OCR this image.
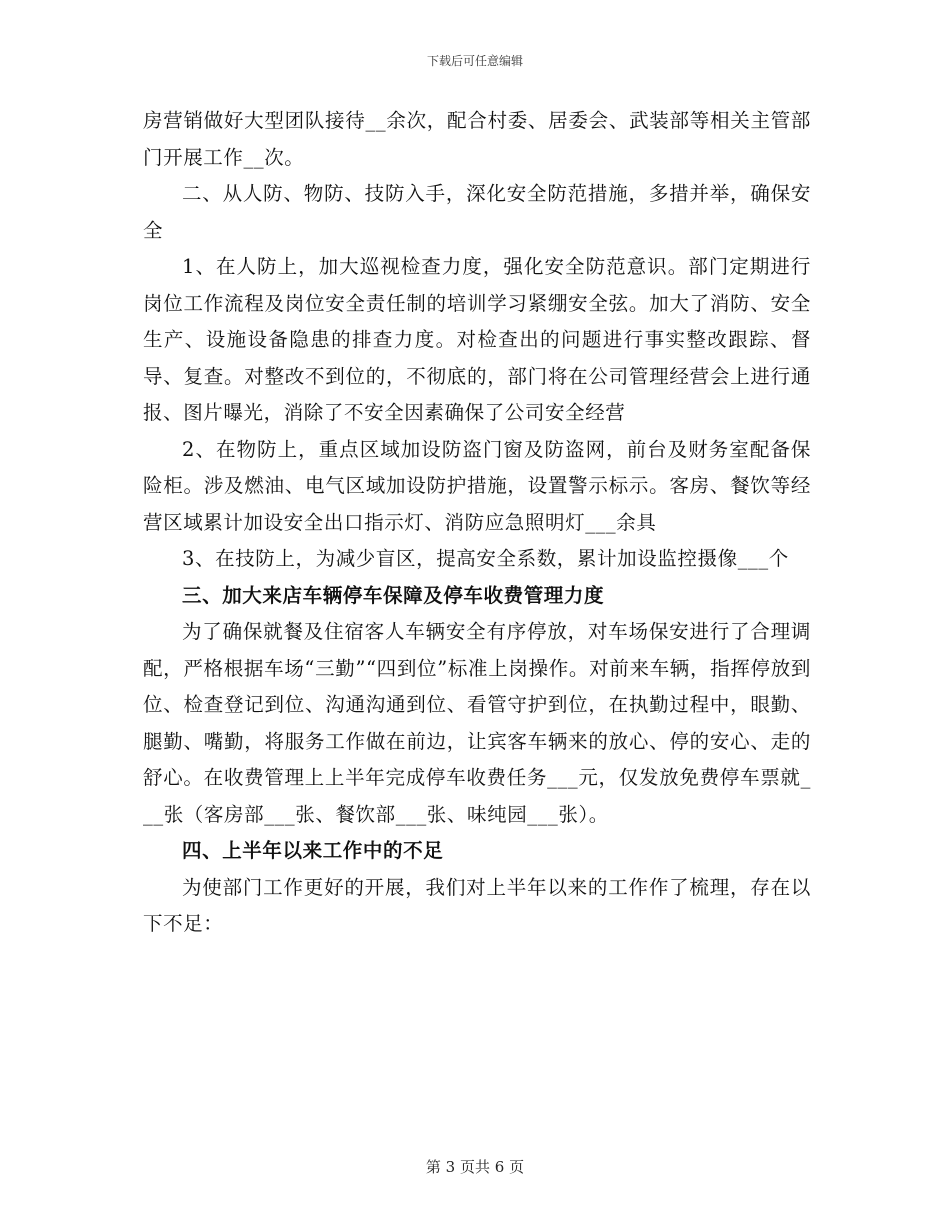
下载后可任意编辑

房营销做好大型团队接待__余次，配合村委、居委会、武装部等相关主管部门开展工作__次。

二、从人防、物防、技防入手，深化安全防范措施，多措并举，确保安全

1、在人防上，加大巡视检查力度，强化安全防范意识。部门定期进行岗位工作流程及岗位安全责任制的培训学习紧绷安全弦。加大了消防、安全生产、设施设备隐患的排查力度。对检查出的问题进行事实整改跟踪、督导、复查。对整改不到位的，不彻底的，部门将在公司管理经营会上进行通报、图片曝光，消除了不安全因素确保了公司安全经营

2、在物防上，重点区域加设防盗门窗及防盗网，前台及财务室配备保险柜。涉及燃油、电气区域加设防护措施，设置警示标示。客房、餐饮等经营区域累计加设安全出口指示灯、消防应急照明灯___余具

3、在技防上，为减少盲区，提高安全系数，累计加设监控摄像___个

三、加大来店车辆停车保障及停车收费管理力度

为了确保就餐及住宿客人车辆安全有序停放，对车场保安进行了合理调配，严格根据车场“三勤”“四到位”标准上岗操作。对前来车辆，指挥停放到位、检查登记到位、沟通沟通到位、看管守护到位，在执勤过程中，眼勤、腿勤、嘴勤，将服务工作做在前边，让宾客车辆来的放心、停的安心、走的舒心。在收费管理上上半年完成停车收费任务___元，仅发放免费停车票就___张（客房部___张、餐饮部___张、味纯园___张）。

四、上半年以来工作中的不足

为使部门工作更好的开展，我们对上半年以来的工作作了梳理，存在以下不足：

第 3 页共 6 页
